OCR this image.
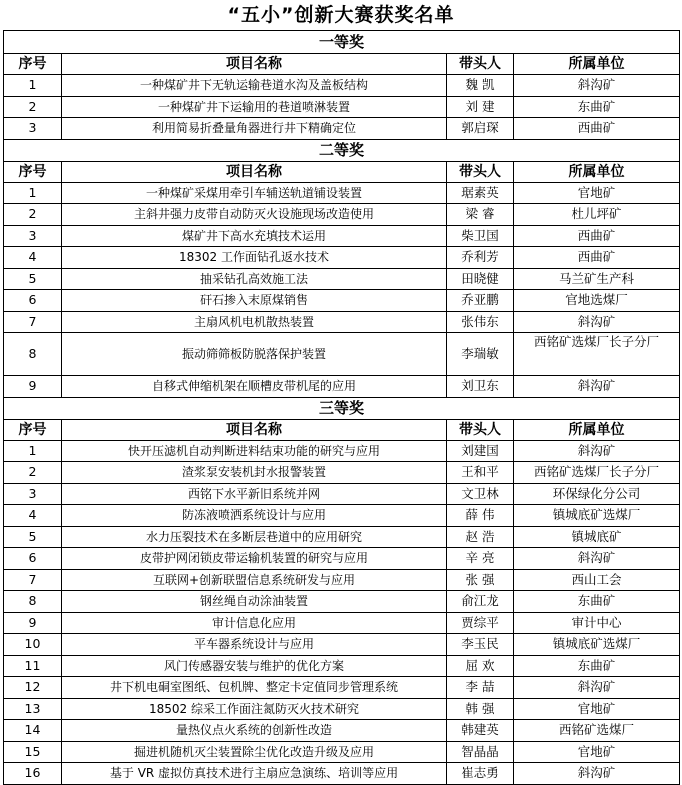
“五小”创新大赛获奖名单
一等奖			
序号	项目名称	带头人	所属单位
1	一种煤矿井下无轨运输巷道水沟及盖板结构	魏 凯	斜沟矿
2	一种煤矿井下运输用的巷道喷淋装置	刘 建	东曲矿
3	利用简易折叠量角器进行井下精确定位	郭启琛	西曲矿
二等奖			
序号	项目名称	带头人	所属单位
1	一种煤矿采煤用牵引车辅送轨道铺设装置	琚素英	官地矿
2	主斜井强力皮带自动防灭火设施现场改造使用	梁 睿	杜儿坪矿
3	煤矿井下高水充填技术运用	柴卫国	西曲矿
4	18302 工作面钻孔返水技术	乔利芳	西曲矿
5	抽采钻孔高效施工法	田晓健	马兰矿生产科
6	矸石掺入末原煤销售	乔亚鹏	官地选煤厂
7	主扇风机电机散热装置	张伟东	斜沟矿
8	振动筛筛板防脱落保护装置	李瑞敏	西铭矿选煤厂长子分厂
9	自移式伸缩机架在顺槽皮带机尾的应用	刘卫东	斜沟矿
三等奖			
序号	项目名称	带头人	所属单位
1	快开压滤机自动判断进料结束功能的研究与应用	刘建国	斜沟矿
2	渣浆泵安装机封水报警装置	王和平	西铭矿选煤厂长子分厂
3	西铭下水平新旧系统并网	文卫林	环保绿化分公司
4	防冻液喷洒系统设计与应用	薛 伟	镇城底矿选煤厂
5	水力压裂技术在多断层巷道中的应用研究	赵 浩	镇城底矿
6	皮带护网闭锁皮带运输机装置的研究与应用	辛 亮	斜沟矿
7	互联网+创新联盟信息系统研发与应用	张 强	西山工会
8	钢丝绳自动涂油装置	俞江龙	东曲矿
9	审计信息化应用	贾综平	审计中心
10	平车器系统设计与应用	李玉民	镇城底矿选煤厂
11	风门传感器安装与维护的优化方案	屈 欢	东曲矿
12	井下机电硐室图纸、包机牌、整定卡定值同步管理系统	李 喆	斜沟矿
13	18502 综采工作面注氮防灭火技术研究	韩 强	官地矿
14	量热仪点火系统的创新性改造	韩建英	西铭矿选煤厂
15	掘进机随机灭尘装置除尘优化改造升级及应用	智晶晶	官地矿
16	基于 VR 虚拟仿真技术进行主扇应急演练、培训等应用	崔志勇	斜沟矿
